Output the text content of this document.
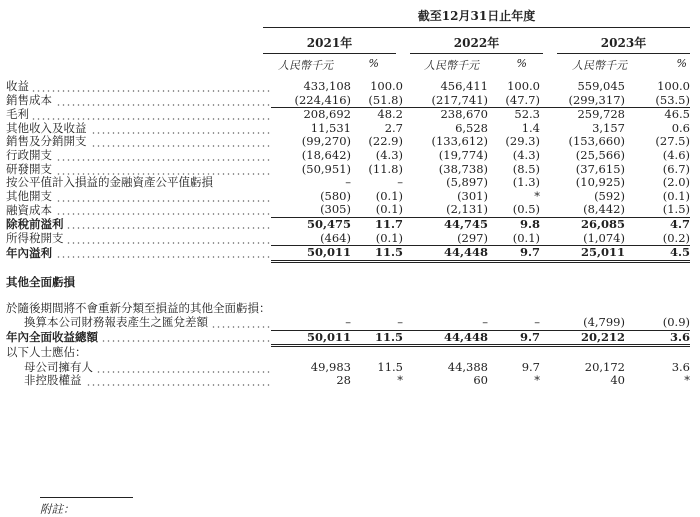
截至12月31日止年度
2021年	2022年	2023年
人民幣千元	%	人民幣千元	%	人民幣千元	%
收益	433,108	100.0	456,411	100.0	559,045	100.0
銷售成本	(224,416)	(51.8)	(217,741)	(47.7)	(299,317)	(53.5)
毛利	208,692	48.2	238,670	52.3	259,728	46.5
其他收入及收益	11,531	2.7	6,528	1.4	3,157	0.6
銷售及分銷開支	(99,270)	(22.9)	(133,612)	(29.3)	(153,660)	(27.5)
行政開支	(18,642)	(4.3)	(19,774)	(4.3)	(25,566)	(4.6)
研發開支	(50,951)	(11.8)	(38,738)	(8.5)	(37,615)	(6.7)
按公平值計入損益的金融資產公平值虧損	–	–	(5,897)	(1.3)	(10,925)	(2.0)
其他開支	(580)	(0.1)	(301)	*	(592)	(0.1)
融資成本	(305)	(0.1)	(2,131)	(0.5)	(8,442)	(1.5)
除稅前溢利	50,475	11.7	44,745	9.8	26,085	4.7
所得稅開支	(464)	(0.1)	(297)	(0.1)	(1,074)	(0.2)
年內溢利	50,011	11.5	44,448	9.7	25,011	4.5

其他全面虧損						

於隨後期間將不會重新分類至損益的其他全面虧損：						
換算本公司財務報表產生之匯兌差額	–	–	–	–	(4,799)	(0.9)
年內全面收益總額	50,011	11.5	44,448	9.7	20,212	3.6
以下人士應佔：						
母公司擁有人	49,983	11.5	44,388	9.7	20,172	3.6
非控股權益	28	*	60	*	40	*
附註：
